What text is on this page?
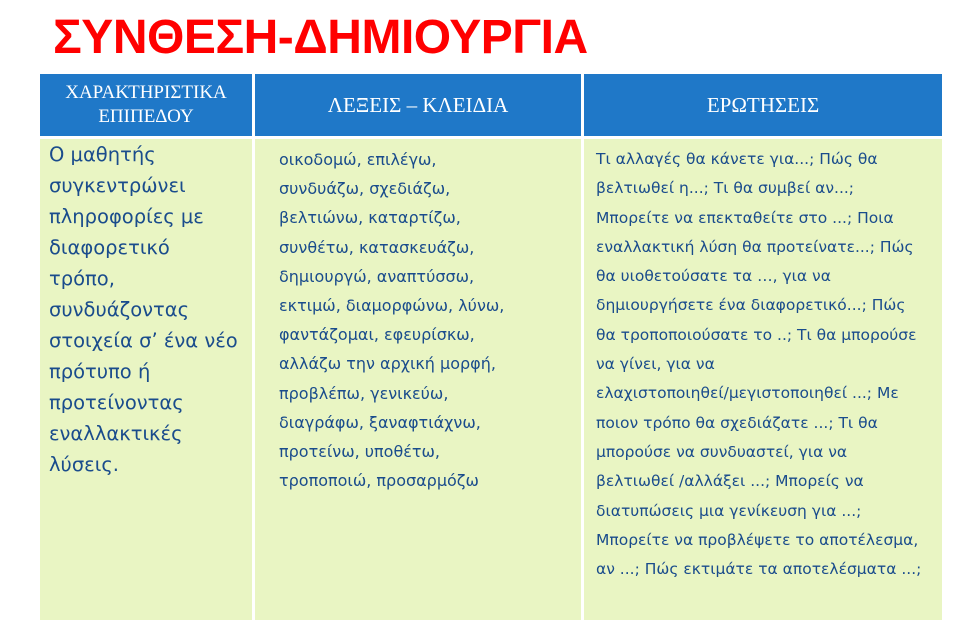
ΣΥΝΘΕΣΗ-ΔΗΜΙΟΥΡΓΙΑ
ΧΑΡΑΚΤΗΡΙΣΤΙΚΑ
ΕΠΙΠΕΔΟΥ	ΛΕΞΕΙΣ – ΚΛΕΙΔΙΑ	ΕΡΩΤΗΣΕΙΣ
Ο μαθητής
συγκεντρώνει
πληροφορίες με
διαφορετικό
τρόπο,
συνδυάζοντας
στοιχεία σ’ ένα νέο
πρότυπο ή
προτείνοντας
εναλλακτικές
λύσεις.
οικοδομώ, επιλέγω,
συνδυάζω, σχεδιάζω,
βελτιώνω, καταρτίζω,
συνθέτω, κατασκευάζω,
δημιουργώ, αναπτύσσω,
εκτιμώ, διαμορφώνω, λύνω,
φαντάζομαι, εφευρίσκω,
αλλάζω την αρχική μορφή,
προβλέπω, γενικεύω,
διαγράφω, ξαναφτιάχνω,
προτείνω, υποθέτω,
τροποποιώ, προσαρμόζω
Τι αλλαγές θα κάνετε για...; Πώς θα
βελτιωθεί η...; Τι θα συμβεί αν...;
Μπορείτε να επεκταθείτε στο ...; Ποια
εναλλακτική λύση θα προτείνατε...; Πώς
θα υιοθετούσατε τα …, για να
δημιουργήσετε ένα διαφορετικό...; Πώς
θα τροποποιούσατε το ..; Τι θα μπορούσε
να γίνει, για να
ελαχιστοποιηθεί/μεγιστοποιηθεί ...; Με
ποιον τρόπο θα σχεδιάζατε ...; Τι θα
μπορούσε να συνδυαστεί, για να
βελτιωθεί /αλλάξει ...; Μπορείς να
διατυπώσεις μια γενίκευση για ...;
Μπορείτε να προβλέψετε το αποτέλεσμα,
αν ...; Πώς εκτιμάτε τα αποτελέσματα ...;
